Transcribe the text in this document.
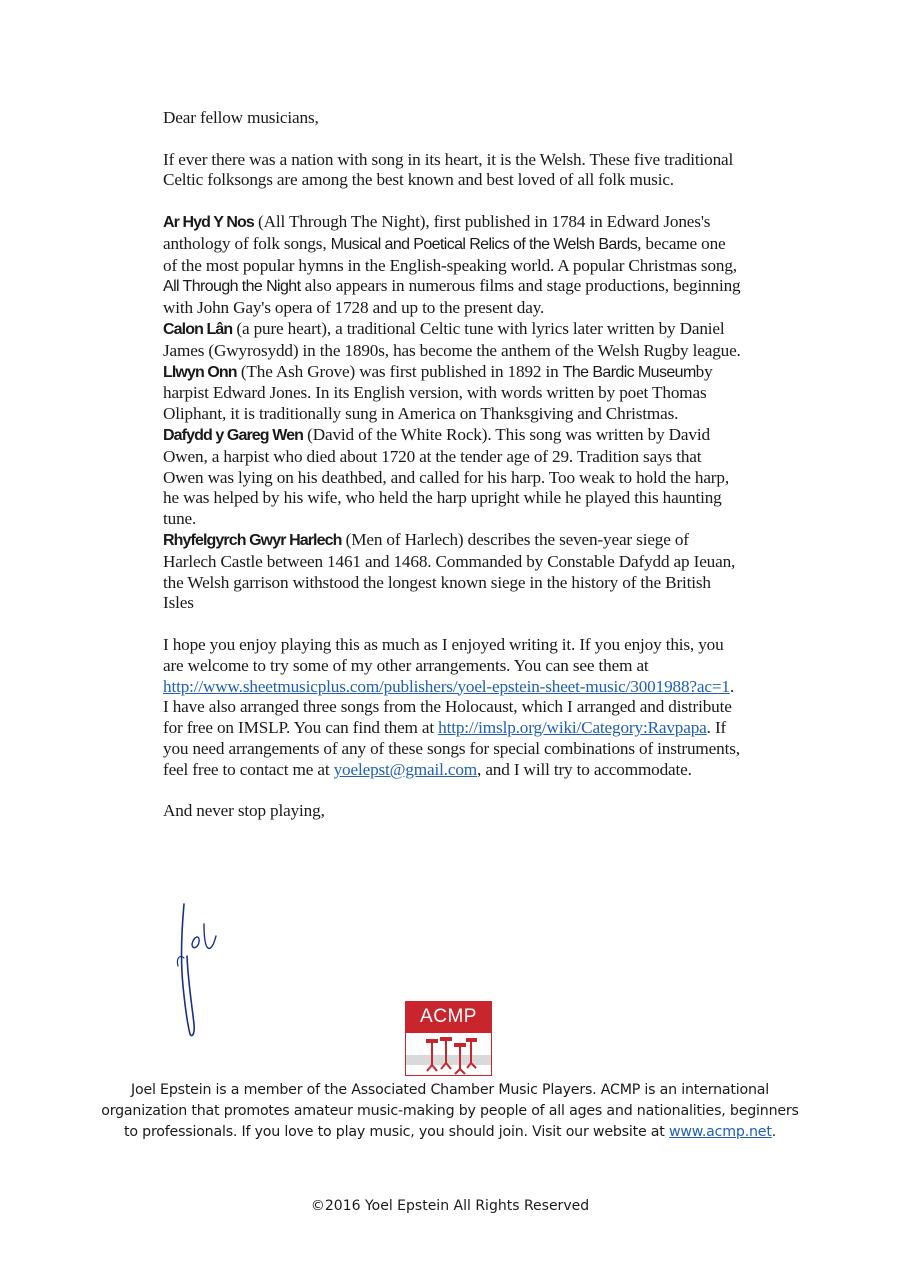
Dear fellow musicians,

If ever there was a nation with song in its heart, it is the Welsh. These five traditional Celtic folksongs are among the best known and best loved of all folk music.

Ar Hyd Y Nos (All Through The Night), first published in 1784 in Edward Jones's anthology of folk songs, Musical and Poetical Relics of the Welsh Bards, became one of the most popular hymns in the English-speaking world. A popular Christmas song, All Through the Night also appears in numerous films and stage productions, beginning with John Gay's opera of 1728 and up to the present day.

Calon Lân (a pure heart), a traditional Celtic tune with lyrics later written by Daniel James (Gwyrosydd) in the 1890s, has become the anthem of the Welsh Rugby league.

Llwyn Onn (The Ash Grove) was first published in 1892 in The Bardic Museumby harpist Edward Jones. In its English version, with words written by poet Thomas Oliphant, it is traditionally sung in America on Thanksgiving and Christmas.

Dafydd y Gareg Wen (David of the White Rock). This song was written by David Owen, a harpist who died about 1720 at the tender age of 29. Tradition says that Owen was lying on his deathbed, and called for his harp. Too weak to hold the harp, he was helped by his wife, who held the harp upright while he played this haunting tune.

Rhyfelgyrch Gwyr Harlech (Men of Harlech) describes the seven-year siege of Harlech Castle between 1461 and 1468. Commanded by Constable Dafydd ap Ieuan, the Welsh garrison withstood the longest known siege in the history of the British Isles

I hope you enjoy playing this as much as I enjoyed writing it. If you enjoy this, you are welcome to try some of my other arrangements. You can see them at http://www.sheetmusicplus.com/publishers/yoel-epstein-sheet-music/3001988?ac=1. I have also arranged three songs from the Holocaust, which I arranged and distribute for free on IMSLP. You can find them at http://imslp.org/wiki/Category:Ravpapa. If you need arrangements of any of these songs for special combinations of instruments, feel free to contact me at yoelepst@gmail.com, and I will try to accommodate.

And never stop playing,

ACMP
Joel Epstein is a member of the Associated Chamber Music Players. ACMP is an international organization that promotes amateur music-making by people of all ages and nationalities, beginners to professionals. If you love to play music, you should join. Visit our website at www.acmp.net.
©2016 Yoel Epstein All Rights Reserved
